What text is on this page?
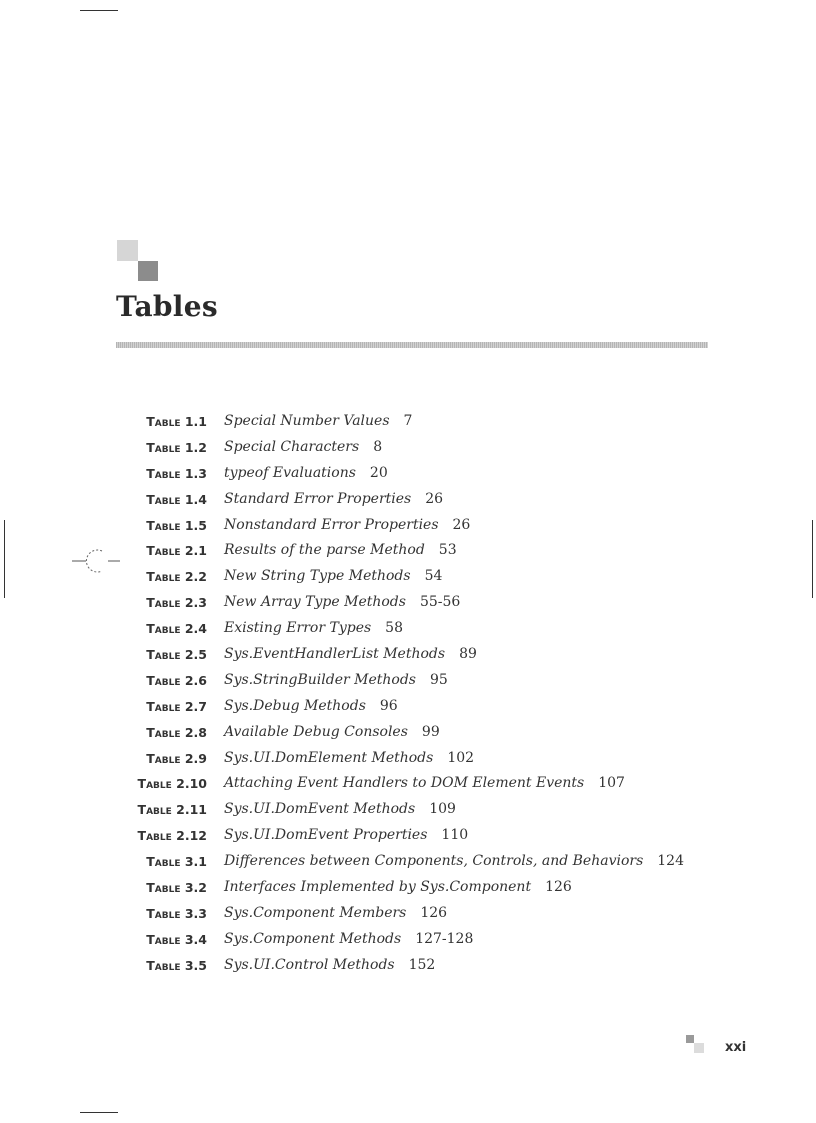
Tables
Table 1.1 Special Number Values 7
Table 1.2 Special Characters 8
Table 1.3 typeof Evaluations 20
Table 1.4 Standard Error Properties 26
Table 1.5 Nonstandard Error Properties 26
Table 2.1 Results of the parse Method 53
Table 2.2 New String Type Methods 54
Table 2.3 New Array Type Methods 55-56
Table 2.4 Existing Error Types 58
Table 2.5 Sys.EventHandlerList Methods 89
Table 2.6 Sys.StringBuilder Methods 95
Table 2.7 Sys.Debug Methods 96
Table 2.8 Available Debug Consoles 99
Table 2.9 Sys.UI.DomElement Methods 102
Table 2.10 Attaching Event Handlers to DOM Element Events 107
Table 2.11 Sys.UI.DomEvent Methods 109
Table 2.12 Sys.UI.DomEvent Properties 110
Table 3.1 Differences between Components, Controls, and Behaviors 124
Table 3.2 Interfaces Implemented by Sys.Component 126
Table 3.3 Sys.Component Members 126
Table 3.4 Sys.Component Methods 127-128
Table 3.5 Sys.UI.Control Methods 152
xxi
